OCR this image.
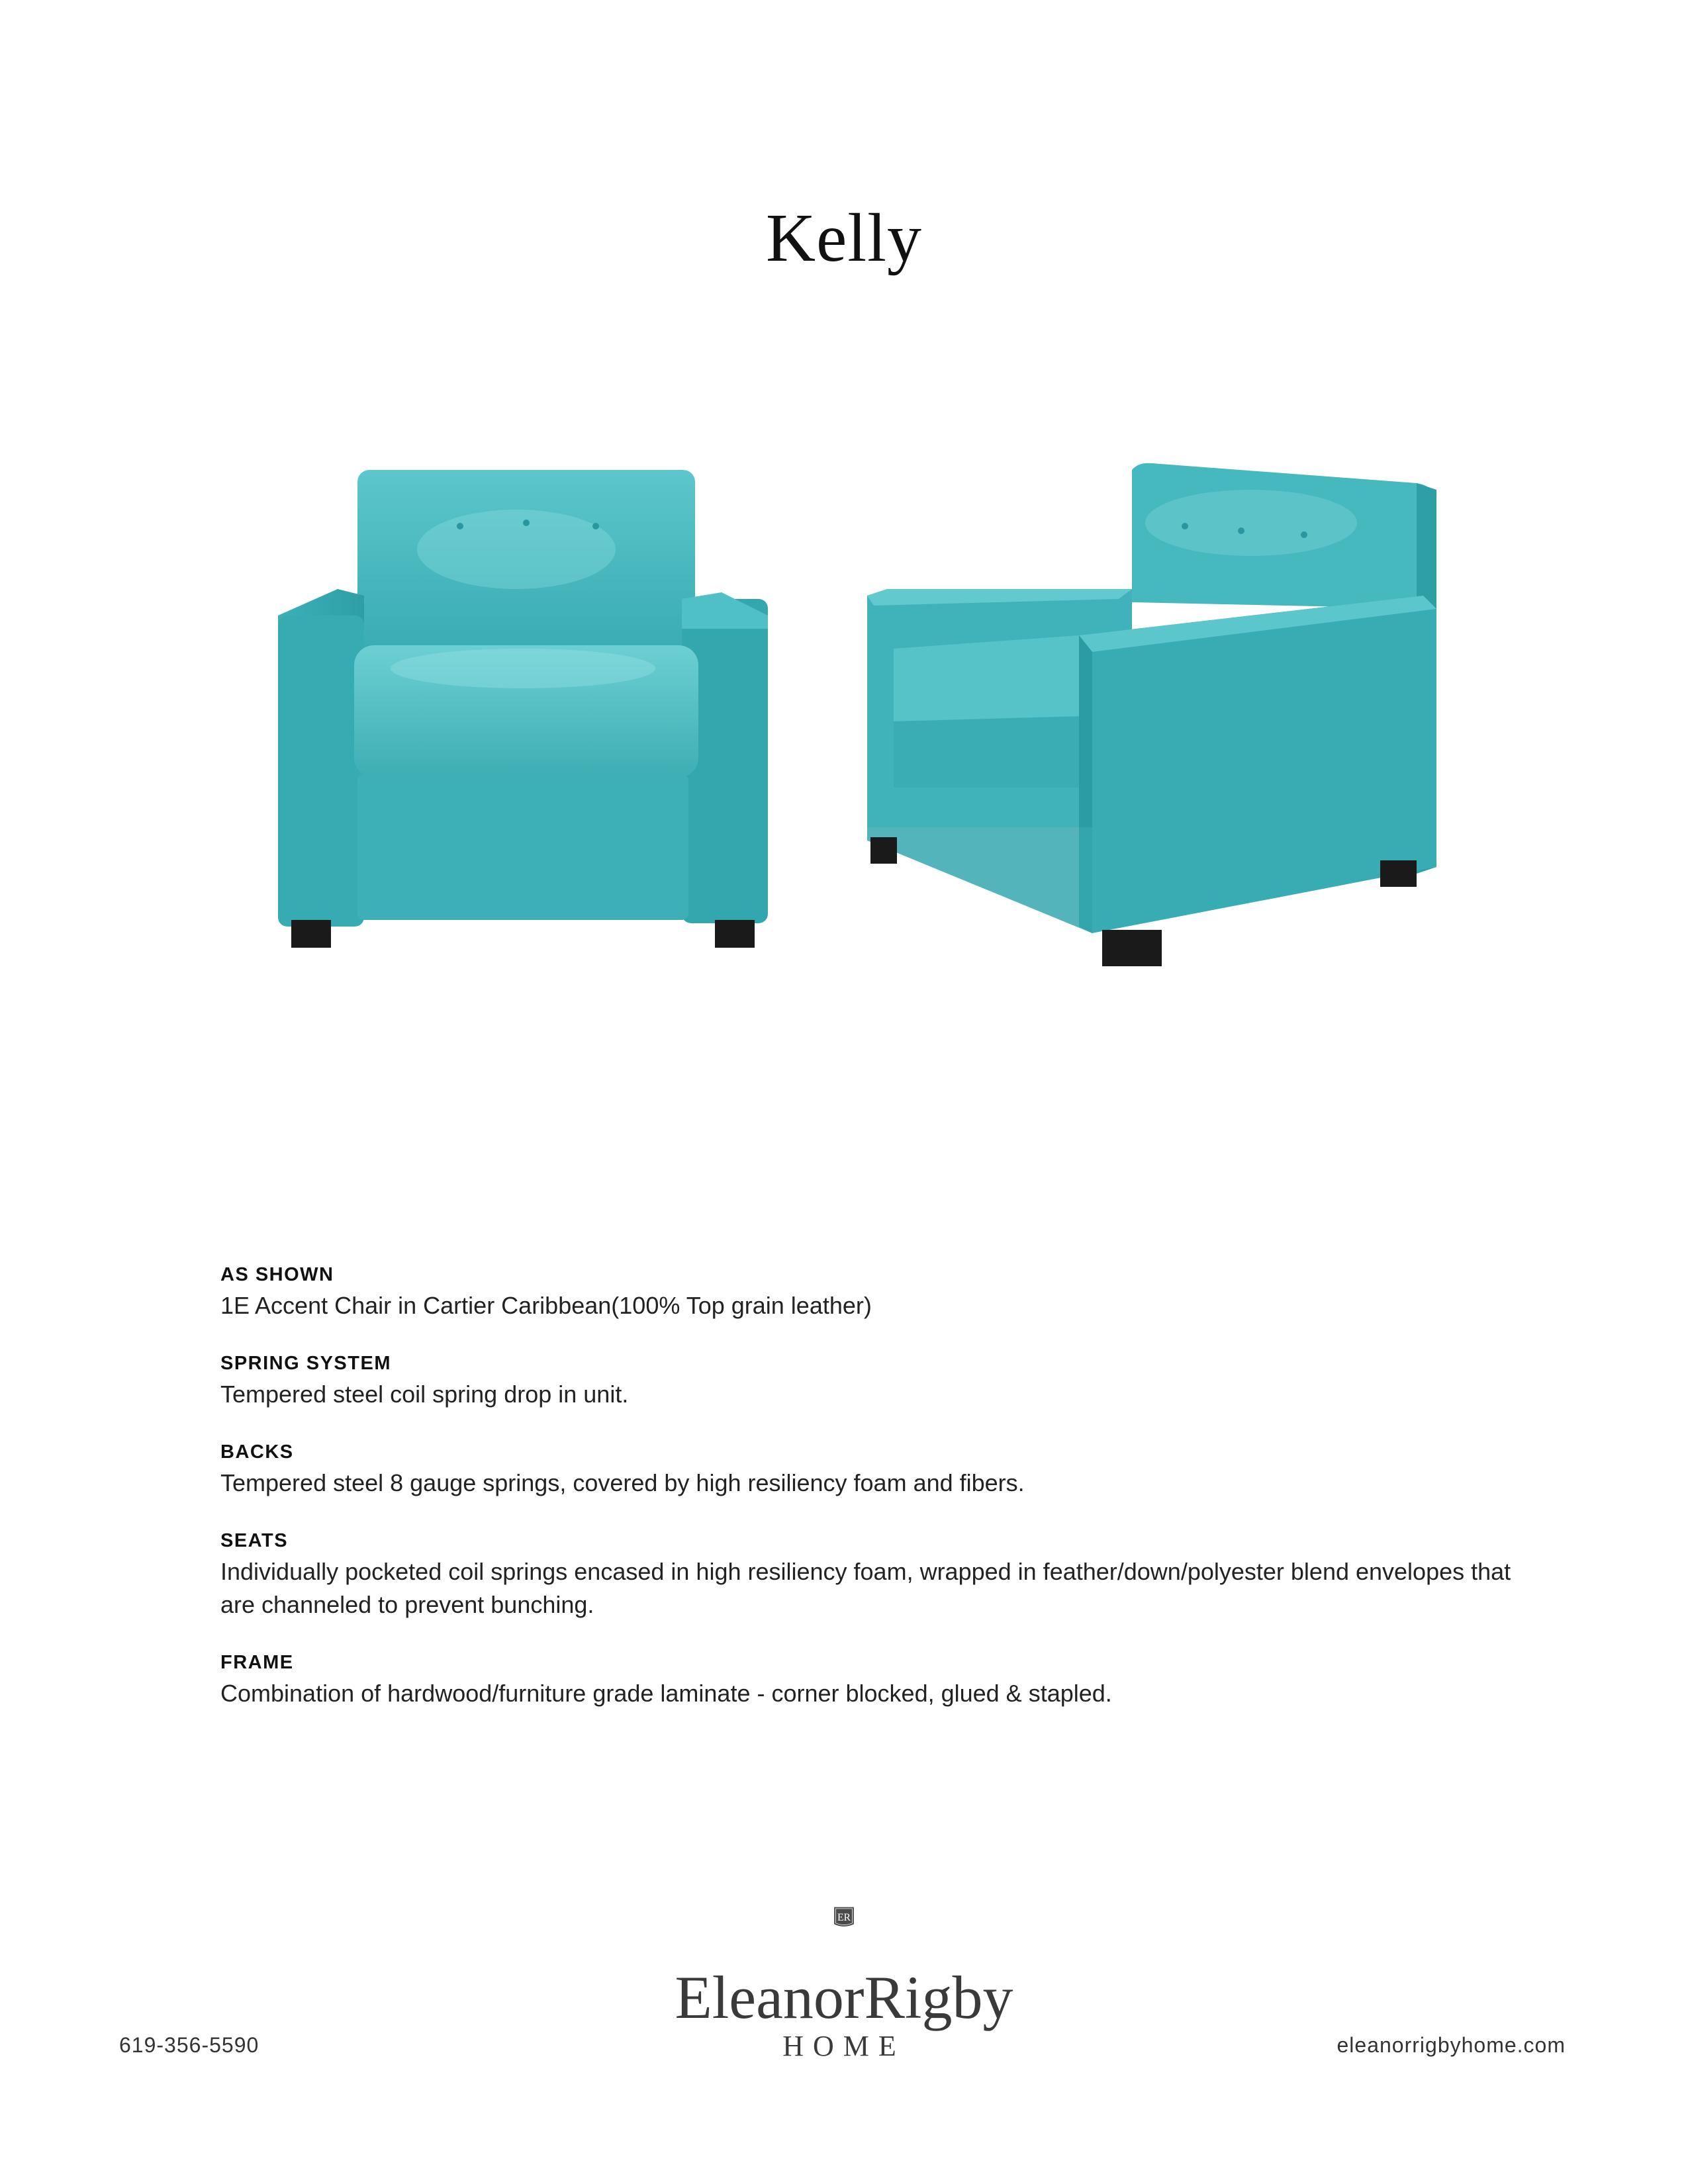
Kelly
AS SHOWN
1E Accent Chair in Cartier Caribbean(100% Top grain leather)
SPRING SYSTEM
Tempered steel coil spring drop in unit.
BACKS
Tempered steel 8 gauge springs, covered by high resiliency foam and fibers.
SEATS
Individually pocketed coil springs encased in high resiliency foam, wrapped in feather/down/polyester blend envelopes that are channeled to prevent bunching.
FRAME
Combination of hardwood/furniture grade laminate - corner blocked, glued & stapled.
ER
EleanorRigby
HOME
619-356-5590	eleanorrigbyhome.com
